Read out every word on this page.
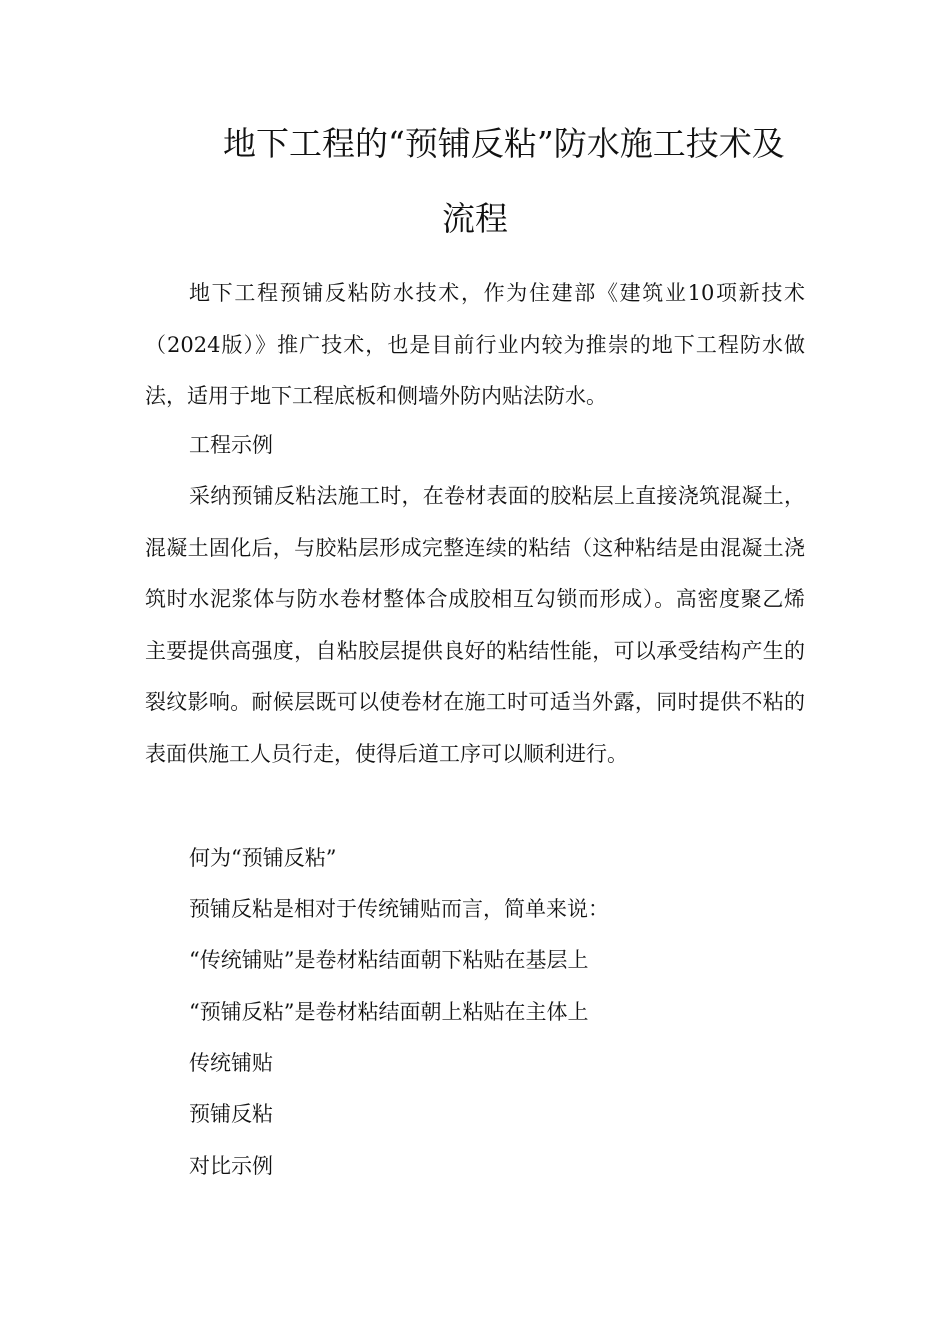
地下工程的“预铺反粘”防水施工技术及
流程

地下工程预铺反粘防水技术，作为住建部《建筑业10项新技术（2024版）》推广技术，也是目前行业内较为推崇的地下工程防水做法，适用于地下工程底板和侧墙外防内贴法防水。

工程示例

采纳预铺反粘法施工时，在卷材表面的胶粘层上直接浇筑混凝土，混凝土固化后，与胶粘层形成完整连续的粘结（这种粘结是由混凝土浇筑时水泥浆体与防水卷材整体合成胶相互勾锁而形成）。高密度聚乙烯主要提供高强度，自粘胶层提供良好的粘结性能，可以承受结构产生的裂纹影响。耐候层既可以使卷材在施工时可适当外露，同时提供不粘的表面供施工人员行走，使得后道工序可以顺利进行。

何为“预铺反粘”

预铺反粘是相对于传统铺贴而言，简单来说：

“传统铺贴”是卷材粘结面朝下粘贴在基层上

“预铺反粘”是卷材粘结面朝上粘贴在主体上

传统铺贴

预铺反粘

对比示例
